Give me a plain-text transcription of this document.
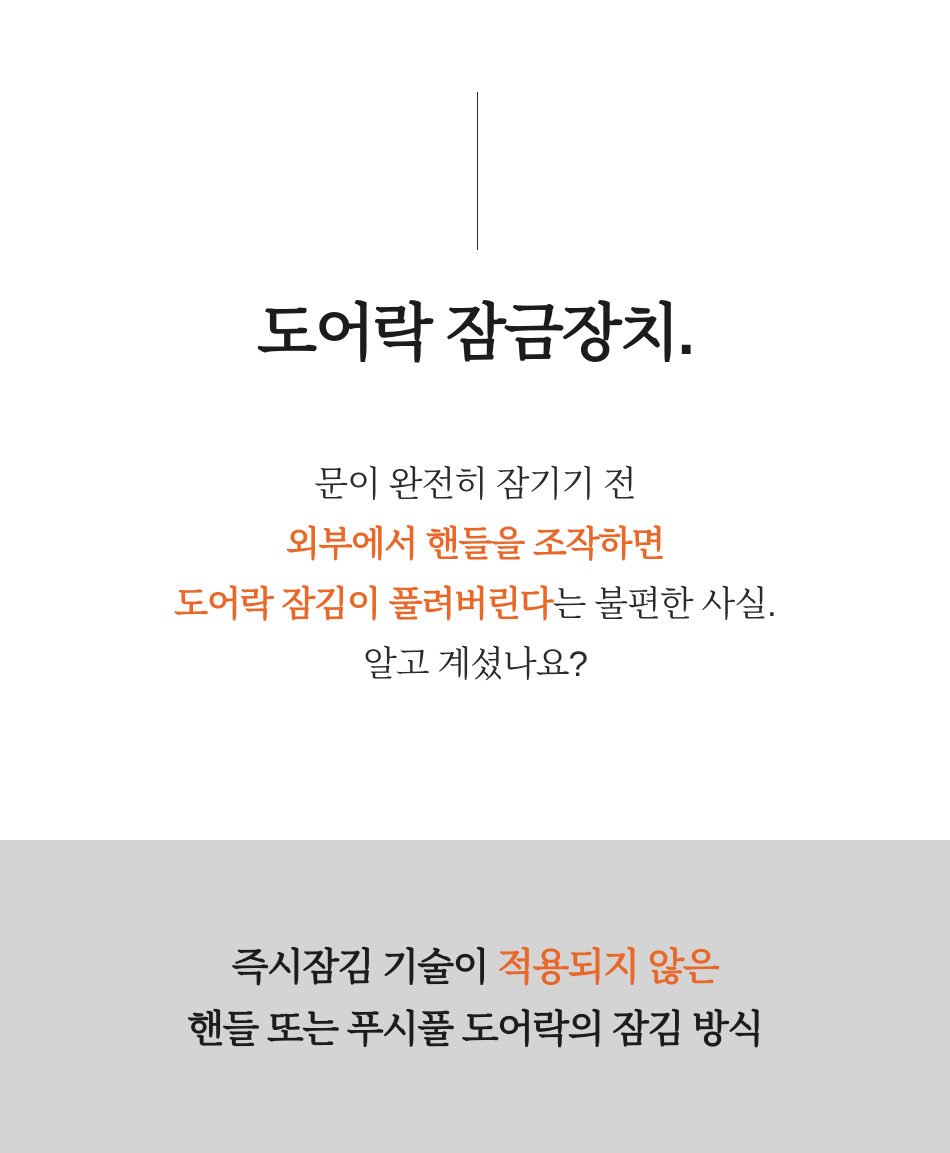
도어락 잠금장치.
문이 완전히 잠기기 전
외부에서 핸들을 조작하면
도어락 잠김이 풀려버린다는 불편한 사실.
알고 계셨나요?
즉시잠김 기술이 적용되지 않은
핸들 또는 푸시풀 도어락의 잠김 방식
